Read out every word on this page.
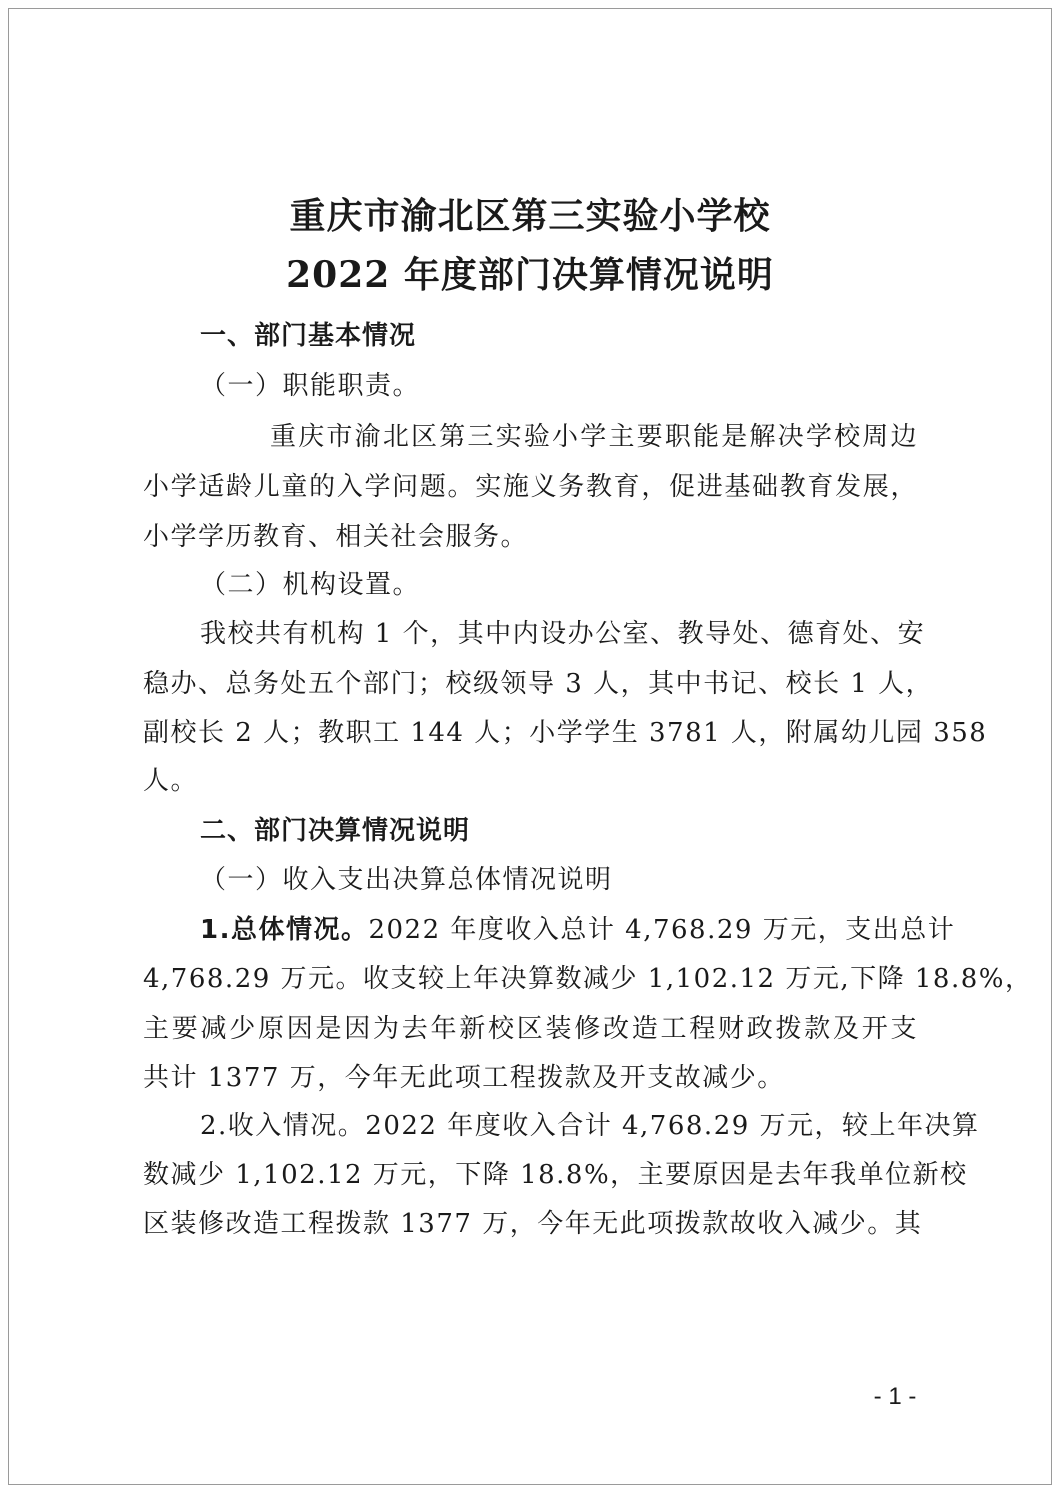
重庆市渝北区第三实验小学校
2022 年度部门决算情况说明
一、部门基本情况
（一）职能职责。
重庆市渝北区第三实验小学主要职能是解决学校周边
小学适龄儿童的入学问题。实施义务教育，促进基础教育发展，
小学学历教育、相关社会服务。
（二）机构设置。
我校共有机构 1 个，其中内设办公室、教导处、德育处、安
稳办、总务处五个部门；校级领导 3 人，其中书记、校长 1 人，
副校长 2 人；教职工 144 人；小学学生 3781 人，附属幼儿园 358
人。
二、部门决算情况说明
（一）收入支出决算总体情况说明
1.总体情况。2022 年度收入总计 4,768.29 万元，支出总计
4,768.29 万元。收支较上年决算数减少 1,102.12 万元,下降 18.8%，
主要减少原因是因为去年新校区装修改造工程财政拨款及开支
共计 1377 万，今年无此项工程拨款及开支故减少。
2.收入情况。2022 年度收入合计 4,768.29 万元，较上年决算
数减少 1,102.12 万元，下降 18.8%，主要原因是去年我单位新校
区装修改造工程拨款 1377 万，今年无此项拨款故收入减少。其
- 1 -
